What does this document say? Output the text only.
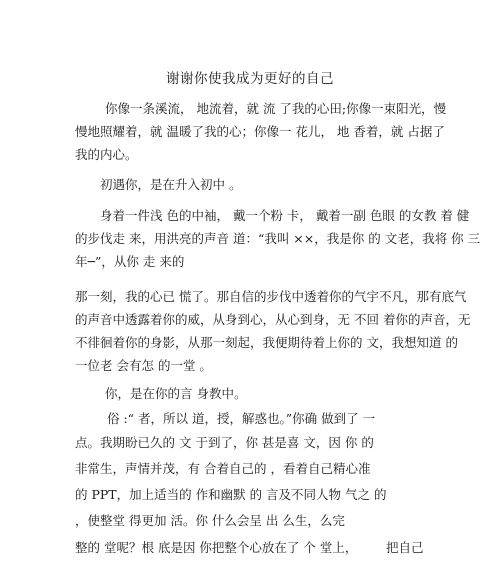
谢谢你使我成为更好的自己
你像一条溪流， 地流着，就 流 了我的心田;你像一束阳光，慢
慢地照耀着，就 温暖了我的心；你像一 花儿， 地 香着，就 占据了
我的内心。
初遇你，是在升入初中 。
身着一件浅 色的中袖， 戴一个粉 卡， 戴着一副 色眼 的女教 着 健
的步伐走 来，用洪亮的声音 道：“我叫 ××，我是你 的 文老，我将 你 三
年─”，从你 走 来的
那一刻，我的心已 慌了。那自信的步伐中透着你的气宇不凡，那有底气
的声音中透露着你的威，从身到心，从心到身，无 不回 着你的声音，无
不徘徊着你的身影，从那一刻起，我便期待着上你的 文，我想知道 的
一位老 会有怎 的一堂 。
你，是在你的言 身教中。
俗 :“ 者，所以 道，授，解惑也。”你确 做到了 一
点。我期盼已久的 文 于到了，你 甚是喜 文，因 你 的
非常生，声情并茂，有 合着自己的 ，看着自己精心准
的 PPT，加上适当的 作和幽默 的 言及不同人物 气之 的
，使整堂 得更加 活。你 什么会呈 出 么生，么完
整的 堂呢？根 底是因 你把整个心放在了 个 堂上， 把自己
